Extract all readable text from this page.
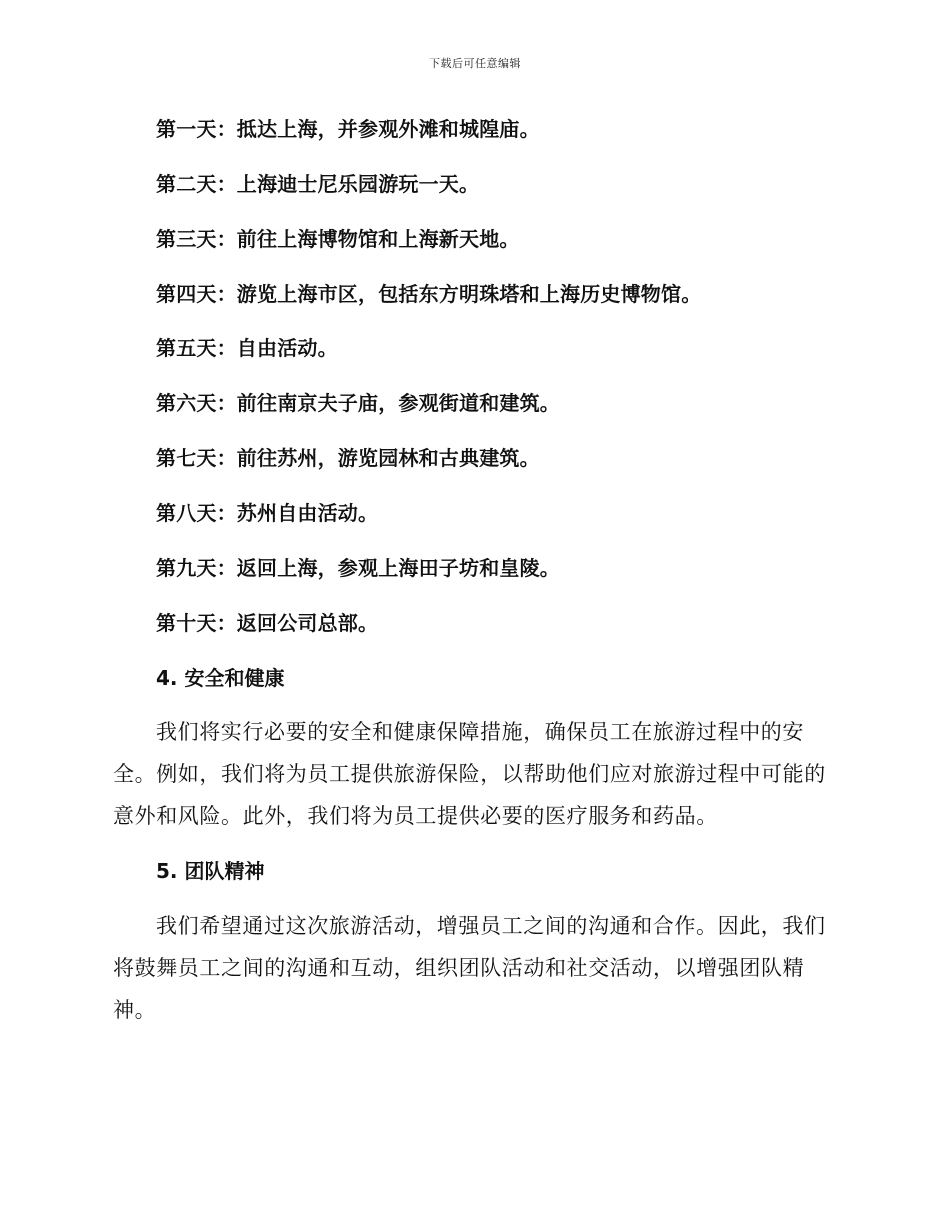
下载后可任意编辑
第一天：抵达上海，并参观外滩和城隍庙。
第二天：上海迪士尼乐园游玩一天。
第三天：前往上海博物馆和上海新天地。
第四天：游览上海市区，包括东方明珠塔和上海历史博物馆。
第五天：自由活动。
第六天：前往南京夫子庙，参观街道和建筑。
第七天：前往苏州，游览园林和古典建筑。
第八天：苏州自由活动。
第九天：返回上海，参观上海田子坊和皇陵。
第十天：返回公司总部。
4. 安全和健康
我们将实行必要的安全和健康保障措施，确保员工在旅游过程中的安
全。例如，我们将为员工提供旅游保险，以帮助他们应对旅游过程中可能的
意外和风险。此外，我们将为员工提供必要的医疗服务和药品。
5. 团队精神
我们希望通过这次旅游活动，增强员工之间的沟通和合作。因此，我们
将鼓舞员工之间的沟通和互动，组织团队活动和社交活动，以增强团队精
神。
